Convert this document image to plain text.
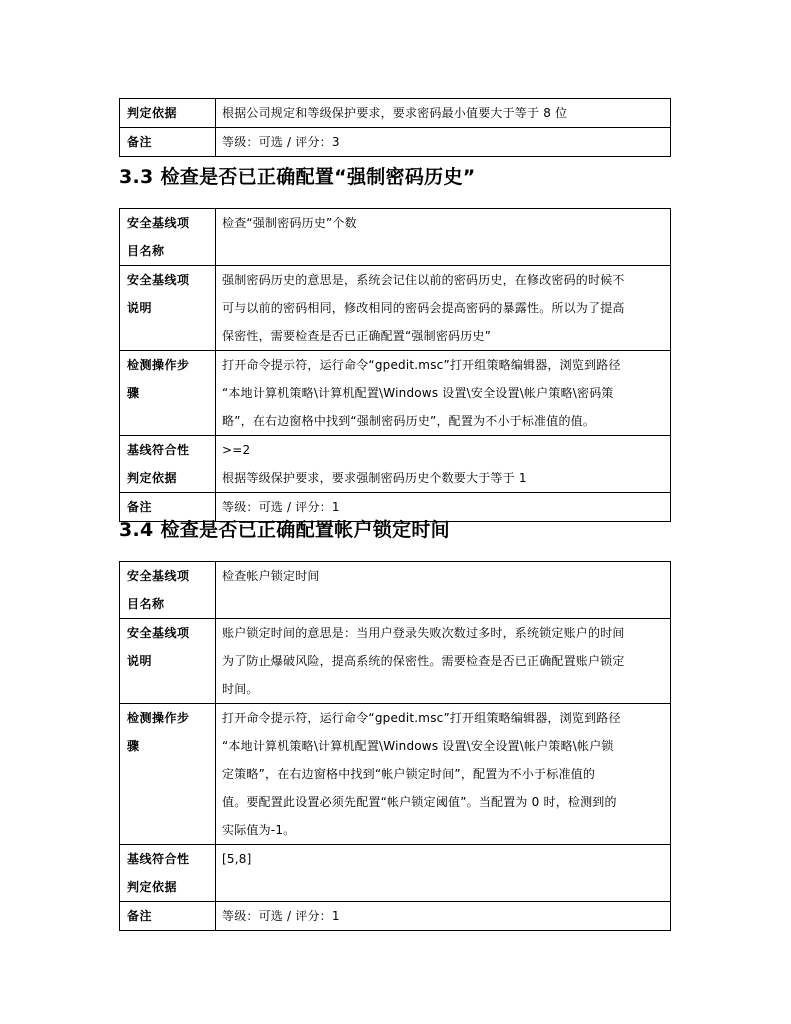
判定依据	根据公司规定和等级保护要求，要求密码最小值要大于等于 8 位
备注	等级：可选 / 评分：3
3.3 检查是否已正确配置“强制密码历史”
安全基线项
目名称	检查“强制密码历史”个数

安全基线项
说明	强制密码历史的意思是，系统会记住以前的密码历史，在修改密码的时候不
可与以前的密码相同，修改相同的密码会提高密码的暴露性。所以为了提高
保密性，需要检查是否已正确配置“强制密码历史”

检测操作步
骤	打开命令提示符，运行命令“gpedit.msc”打开组策略编辑器，浏览到路径
“本地计算机策略\计算机配置\Windows 设置\安全设置\帐户策略\密码策
略”，在右边窗格中找到“强制密码历史”，配置为不小于标准值的值。

基线符合性
判定依据	>=2
根据等级保护要求，要求强制密码历史个数要大于等于 1

备注	等级：可选 / 评分：1
3.4 检查是否已正确配置帐户锁定时间
安全基线项
目名称	检查帐户锁定时间

安全基线项
说明	账户锁定时间的意思是：当用户登录失败次数过多时，系统锁定账户的时间
为了防止爆破风险，提高系统的保密性。需要检查是否已正确配置账户锁定
时间。

检测操作步
骤	打开命令提示符，运行命令“gpedit.msc”打开组策略编辑器，浏览到路径
“本地计算机策略\计算机配置\Windows 设置\安全设置\帐户策略\帐户锁
定策略”，在右边窗格中找到“帐户锁定时间”，配置为不小于标准值的
值。要配置此设置必须先配置“帐户锁定阈值”。当配置为 0 时，检测到的
实际值为-1。

基线符合性
判定依据	[5,8]

备注	等级：可选 / 评分：1
